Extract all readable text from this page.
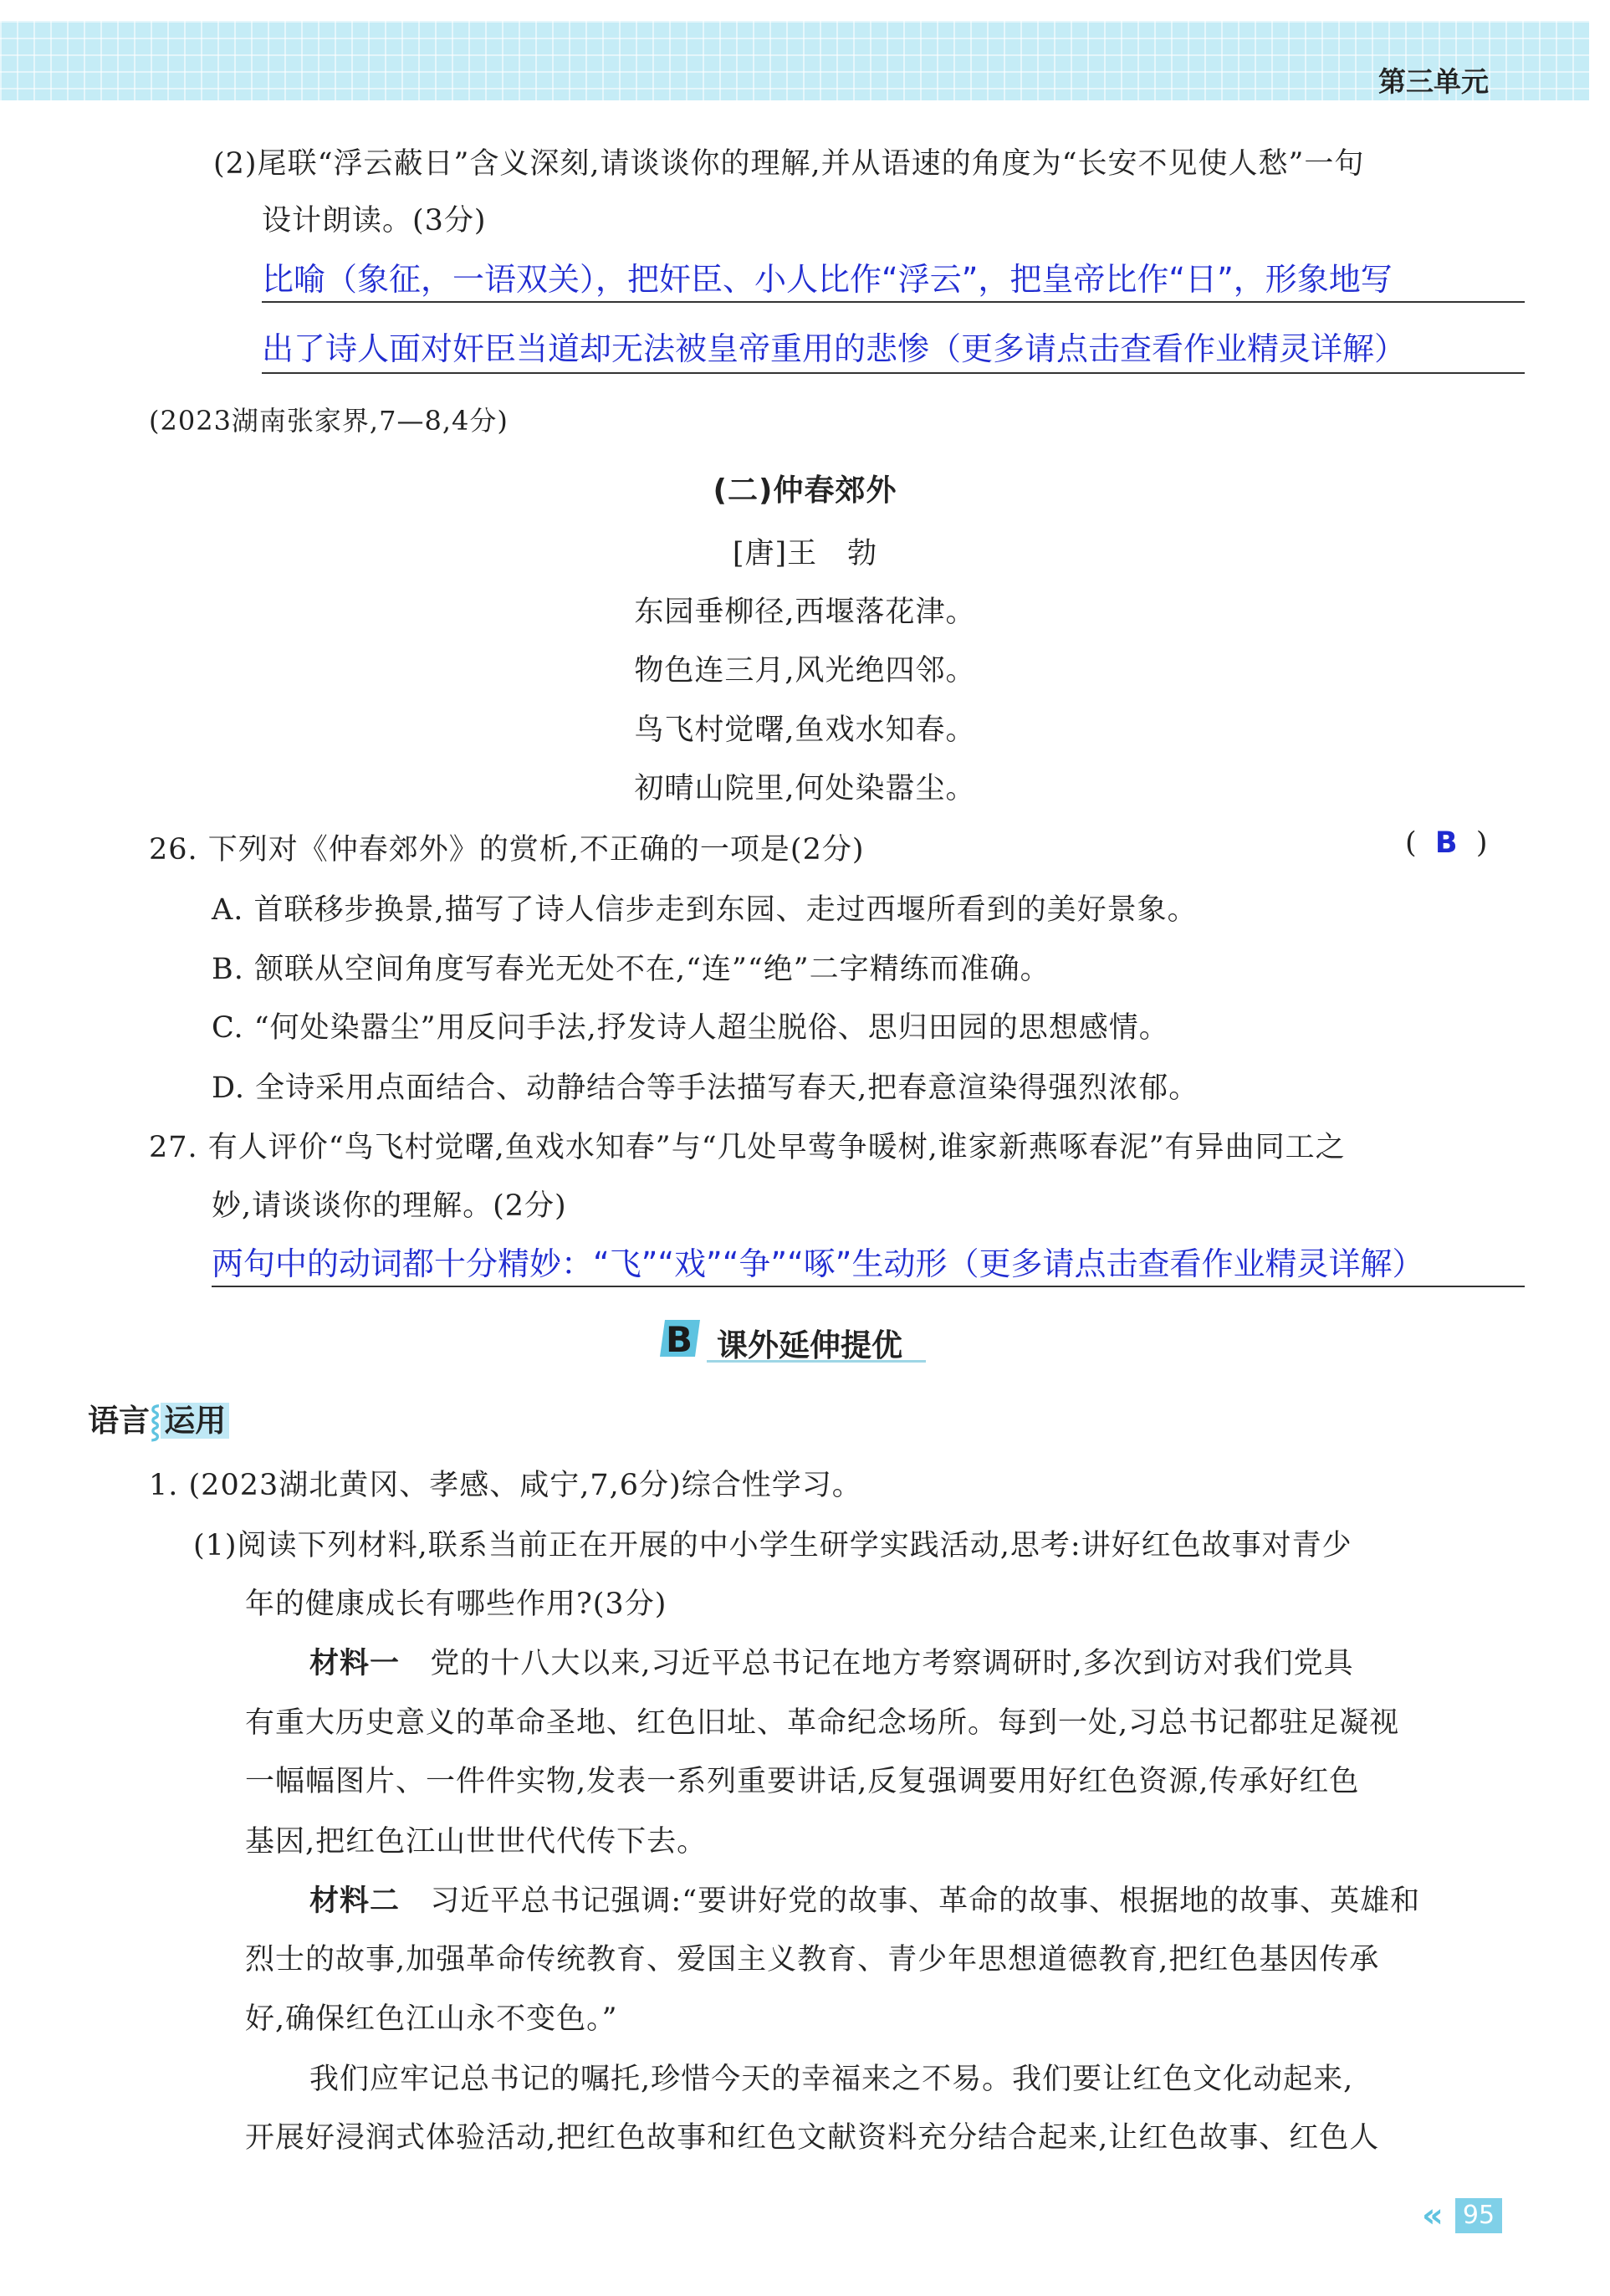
第三单元
(2)尾联“浮云蔽日”含义深刻,请谈谈你的理解,并从语速的角度为“长安不见使人愁”一句
设计朗读。(3分)
比喻（象征，一语双关），把奸臣、小人比作“浮云”，把皇帝比作“日”，形象地写
出了诗人面对奸臣当道却无法被皇帝重用的悲惨（更多请点击查看作业精灵详解）
(2023湖南张家界,7—8,4分)
(二)仲春郊外
[唐]王　勃
东园垂柳径,西堰落花津。
物色连三月,风光绝四邻。
鸟飞村觉曙,鱼戏水知春。
初晴山院里,何处染嚣尘。
26. 下列对《仲春郊外》的赏析,不正确的一项是(2分)	(  B  )
A. 首联移步换景,描写了诗人信步走到东园、走过西堰所看到的美好景象。
B. 颔联从空间角度写春光无处不在,“连”“绝”二字精练而准确。
C. “何处染嚣尘”用反问手法,抒发诗人超尘脱俗、思归田园的思想感情。
D. 全诗采用点面结合、动静结合等手法描写春天,把春意渲染得强烈浓郁。
27. 有人评价“鸟飞村觉曙,鱼戏水知春”与“几处早莺争暖树,谁家新燕啄春泥”有异曲同工之
妙,请谈谈你的理解。(2分)
两句中的动词都十分精妙：“飞”“戏”“争”“啄”生动形（更多请点击查看作业精灵详解）
B 课外延伸提优
语言⸾ 运用
1. (2023湖北黄冈、孝感、咸宁,7,6分)综合性学习。
(1)阅读下列材料,联系当前正在开展的中小学生研学实践活动,思考:讲好红色故事对青少
年的健康成长有哪些作用?(3分)
材料一 党的十八大以来,习近平总书记在地方考察调研时,多次到访对我们党具
有重大历史意义的革命圣地、红色旧址、革命纪念场所。每到一处,习总书记都驻足凝视
一幅幅图片、一件件实物,发表一系列重要讲话,反复强调要用好红色资源,传承好红色
基因,把红色江山世世代代传下去。
材料二 习近平总书记强调:“要讲好党的故事、革命的故事、根据地的故事、英雄和
烈士的故事,加强革命传统教育、爱国主义教育、青少年思想道德教育,把红色基因传承
好,确保红色江山永不变色。”
我们应牢记总书记的嘱托,珍惜今天的幸福来之不易。我们要让红色文化动起来,
开展好浸润式体验活动,把红色故事和红色文献资料充分结合起来,让红色故事、红色人
« 95
